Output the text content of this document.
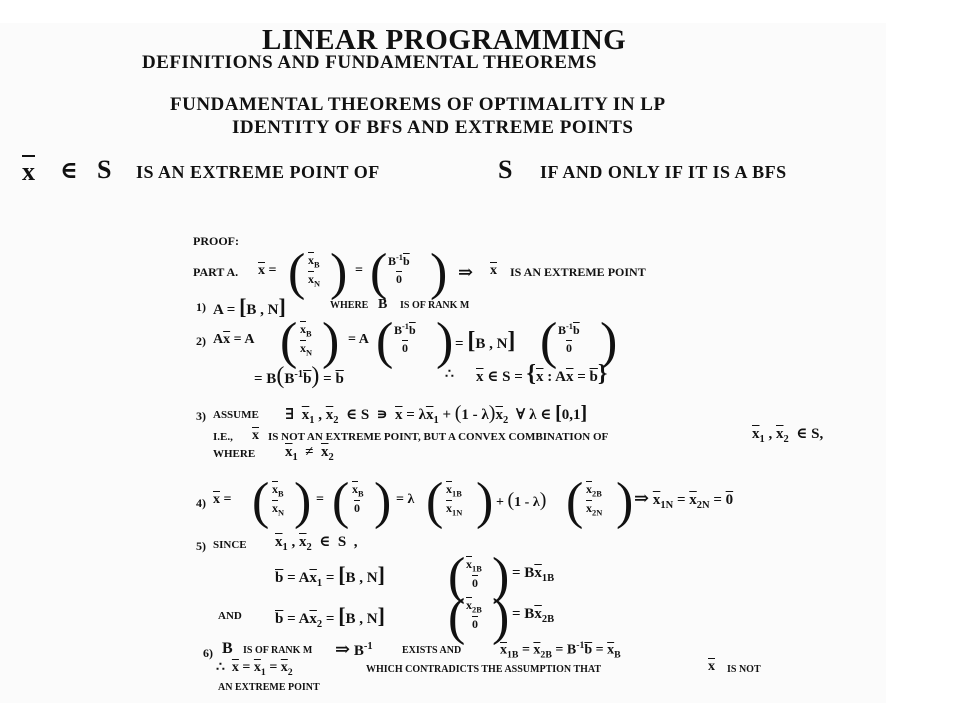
LINEAR PROGRAMMING
DEFINITIONS AND FUNDAMENTAL THEOREMS
FUNDAMENTAL THEOREMS OF OPTIMALITY IN LP
IDENTITY OF BFS AND EXTREME POINTS
$\overline{x}$ ∈ S IS AN EXTREME POINT OF	S IF AND ONLY IF IT IS A BFS
PROOF:
PART A. $\overline{x}$ = ( )
$\overline{x}_B$
$\overline{x}_N$
= ( )
$B^{-1}\overline{b}$
0	⇒ $\overline{x}$ IS AN EXTREME POINT
1) A = [B , N]	WHERE B IS OF RANK M
2) $A\overline{x} = A$ ( )
$\overline{x}_B$
$\overline{x}_N$
= A ( )
$B^{-1}\overline{b}$
0	= [B , N] ( )
$B^{-1}\overline{b}$
0
= $B(B^{-1}\overline{b}) = \overline{b}$	∴ $\overline{x}$ ∈ $S = \{\overline{x}$ : $A\overline{x} = \overline{b}$}
3) ASSUME ∃  $\overline{x}_1$ , $\overline{x}_2$  ∈ S  ∍  $\overline{x} = \lambda\overline{x}_1 + (1 - \lambda)\overline{x}_2$  ∀ λ ∈ [0,1]
I.E., $\overline{x}$ IS NOT AN EXTREME POINT, BUT A CONVEX COMBINATION OF	$\overline{x}_1$ , $\overline{x}_2$  ∈ S,
WHERE $\overline{x}_1 \ne \overline{x}_2$
4) $\overline{x}$ = ( )
$\overline{x}_B$
$\overline{x}_N$
= ( )
$\overline{x}_B$
0
= λ ( )
$\overline{x}_{1B}$
$\overline{x}_{1N}$
+ (1 - λ) ( )
$\overline{x}_{2B}$
$\overline{x}_{2N}$
⇒ $\overline{x}_{1N} = \overline{x}_{2N} = 0$
5) SINCE $\overline{x}_1$ , $\overline{x}_2$  ∈  S  ,
$\overline{b} = A\overline{x}_1 = [B$ , N] ( )
$\overline{x}_{1B}$
0
= $B\overline{x}_{1B}$
AND $\overline{b} = A\overline{x}_2 = [B$ , N] ( )
$\overline{x}_{2B}$
0
= $B\overline{x}_{2B}$
6) B IS OF RANK M ⇒ $B^{-1}$	EXISTS AND	$\overline{x}_{1B} = \overline{x}_{2B} = B^{-1}\overline{b} = \overline{x}_B$
∴  $\overline{x} = \overline{x}_1 = \overline{x}_2$	WHICH CONTRADICTS THE ASSUMPTION THAT	$\overline{x}$ IS NOT
AN EXTREME POINT
